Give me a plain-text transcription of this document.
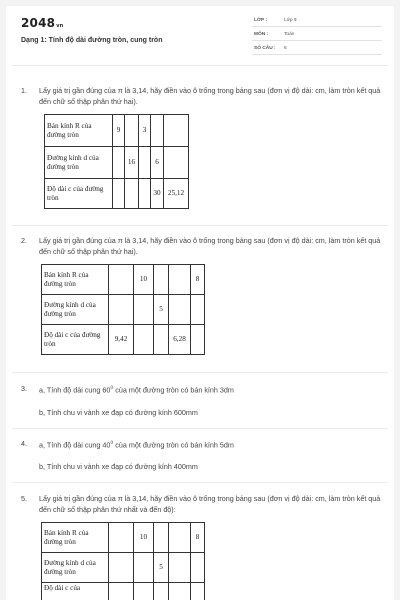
2048vn
Dạng 1: Tính độ dài đường tròn, cung tròn
LỚP :	Lớp 9
MÔN :	Toán
SỐ CÂU : 6
1. Lấy giá trị gần đúng của π là 3,14, hãy điền vào ô trống trong bảng sau (đơn vị độ dài: cm, làm tròn kết quả đến chữ số thập phân thứ hai).
Bán kính R của đường tròn	9		3		
Đường kính d của đường tròn		16		6	
Độ dài c của đường tròn				30	25,12
2. Lấy giá trị gần đúng của π là 3,14, hãy điền vào ô trống trong bảng sau (đơn vị độ dài: cm, làm tròn kết quả đến chữ số thập phân thứ hai).
Bán kính R của đường tròn		10			8
Đường kính d của đường tròn			5		
Độ dài c của đường tròn	9,42			6,28	
3. a, Tính độ dài cung $60^0$ của một đường tròn có bán kính 3dm
b, Tính chu vi vành xe đạp có đường kính 600mm
4. a, Tính độ dài cung $40^0$ của một đường tròn có bán kính 5dm
b, Tính chu vi vành xe đạp có đường kính 400mm
5. Lấy giá trị gần đúng của π là 3,14, hãy điền vào ô trống trong bảng sau (đơn vị độ dài: cm, làm tròn kết quả đến chữ số thập phân thứ nhất và đến độ):
Bán kính R của đường tròn		10			8
Đường kính d của đường tròn			5		
Độ dài c của					
